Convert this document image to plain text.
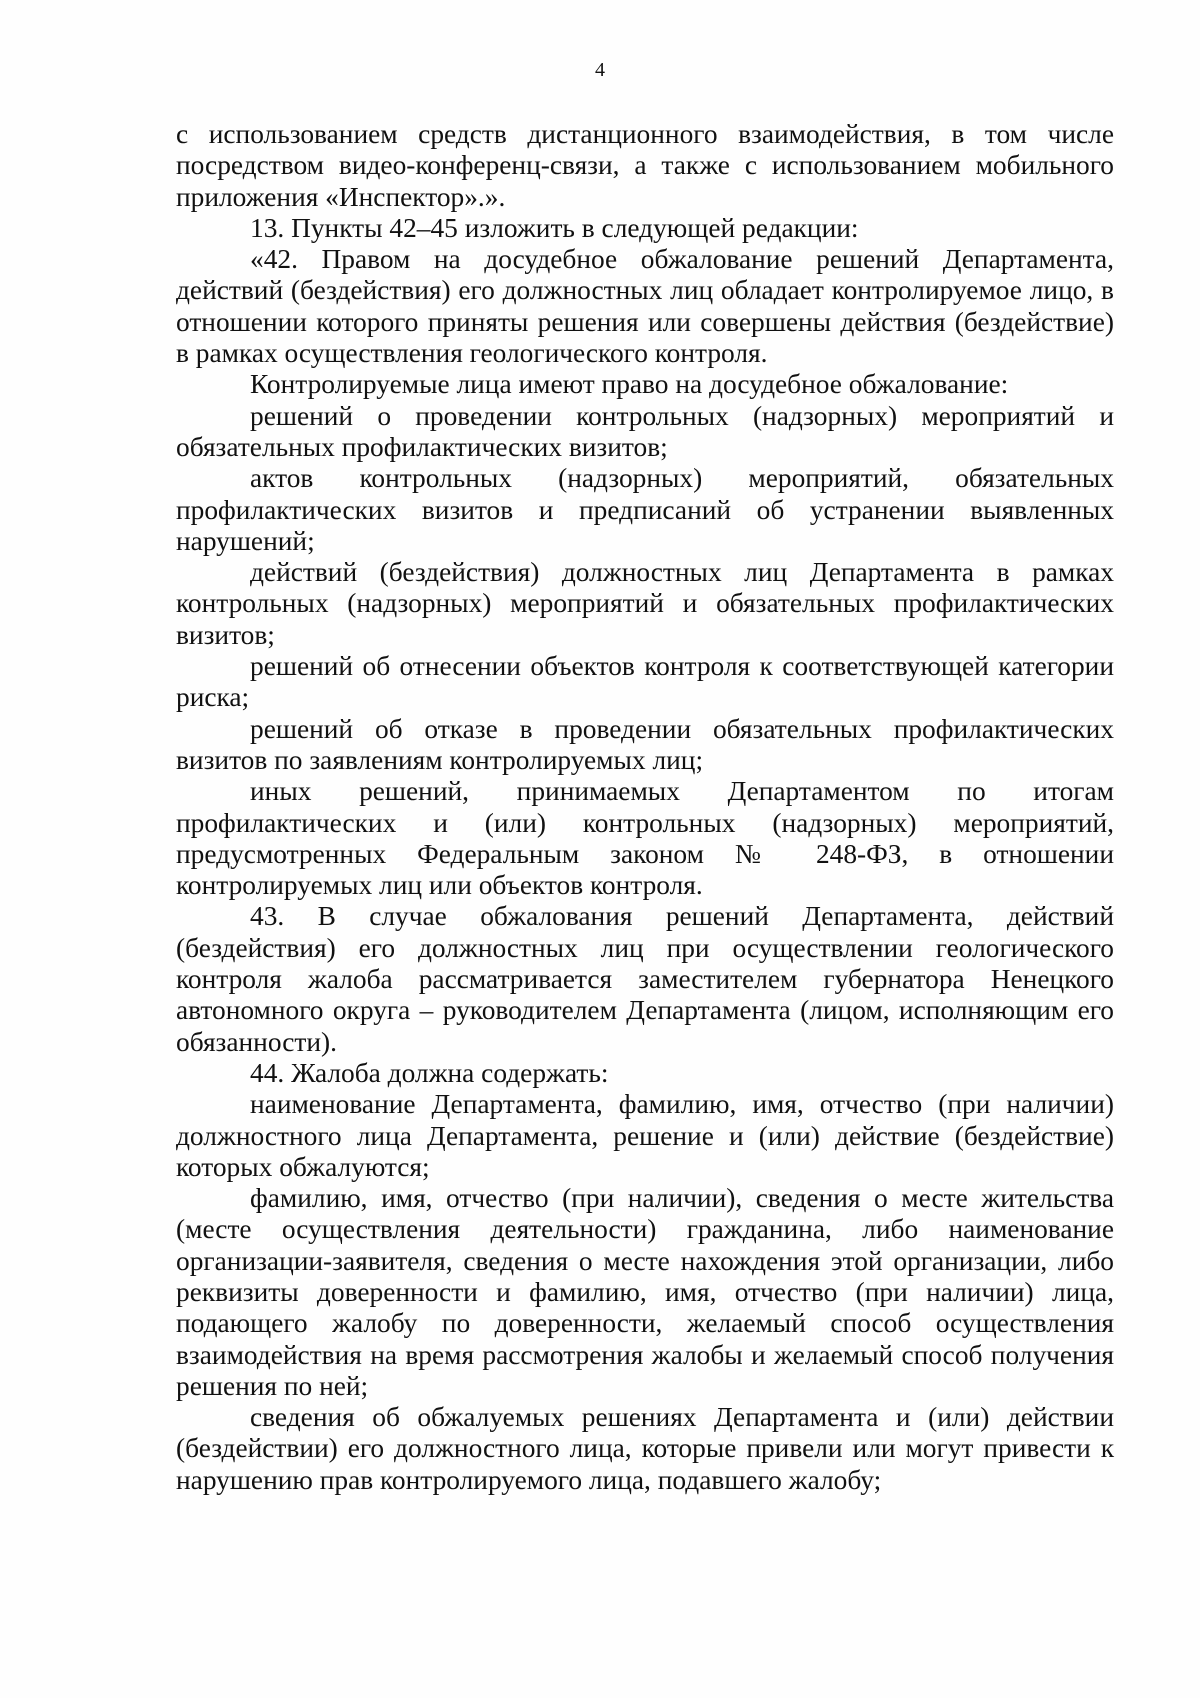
4

с использованием средств дистанционного взаимодействия, в том числе посредством видео-конференц-связи, а также с использованием мобильного приложения «Инспектор».».

13. Пункты 42–45 изложить в следующей редакции:

«42. Правом на досудебное обжалование решений Департамента, действий (бездействия) его должностных лиц обладает контролируемое лицо, в отношении которого приняты решения или совершены действия (бездействие) в рамках осуществления геологического контроля.

Контролируемые лица имеют право на досудебное обжалование:

решений о проведении контрольных (надзорных) мероприятий и обязательных профилактических визитов;

актов контрольных (надзорных) мероприятий, обязательных профилактических визитов и предписаний об устранении выявленных нарушений;

действий (бездействия) должностных лиц Департамента в рамках контрольных (надзорных) мероприятий и обязательных профилактических визитов;

решений об отнесении объектов контроля к соответствующей категории риска;

решений об отказе в проведении обязательных профилактических визитов по заявлениям контролируемых лиц;

иных решений, принимаемых Департаментом по итогам профилактических и (или) контрольных (надзорных) мероприятий, предусмотренных Федеральным законом № 248-ФЗ, в отношении контролируемых лиц или объектов контроля.

43. В случае обжалования решений Департамента, действий (бездействия) его должностных лиц при осуществлении геологического контроля жалоба рассматривается заместителем губернатора Ненецкого автономного округа – руководителем Департамента (лицом, исполняющим его обязанности).

44. Жалоба должна содержать:

наименование Департамента, фамилию, имя, отчество (при наличии) должностного лица Департамента, решение и (или) действие (бездействие) которых обжалуются;

фамилию, имя, отчество (при наличии), сведения о месте жительства (месте осуществления деятельности) гражданина, либо наименование организации-заявителя, сведения о месте нахождения этой организации, либо реквизиты доверенности и фамилию, имя, отчество (при наличии) лица, подающего жалобу по доверенности, желаемый способ осуществления взаимодействия на время рассмотрения жалобы и желаемый способ получения решения по ней;

сведения об обжалуемых решениях Департамента и (или) действии (бездействии) его должностного лица, которые привели или могут привести к нарушению прав контролируемого лица, подавшего жалобу;
